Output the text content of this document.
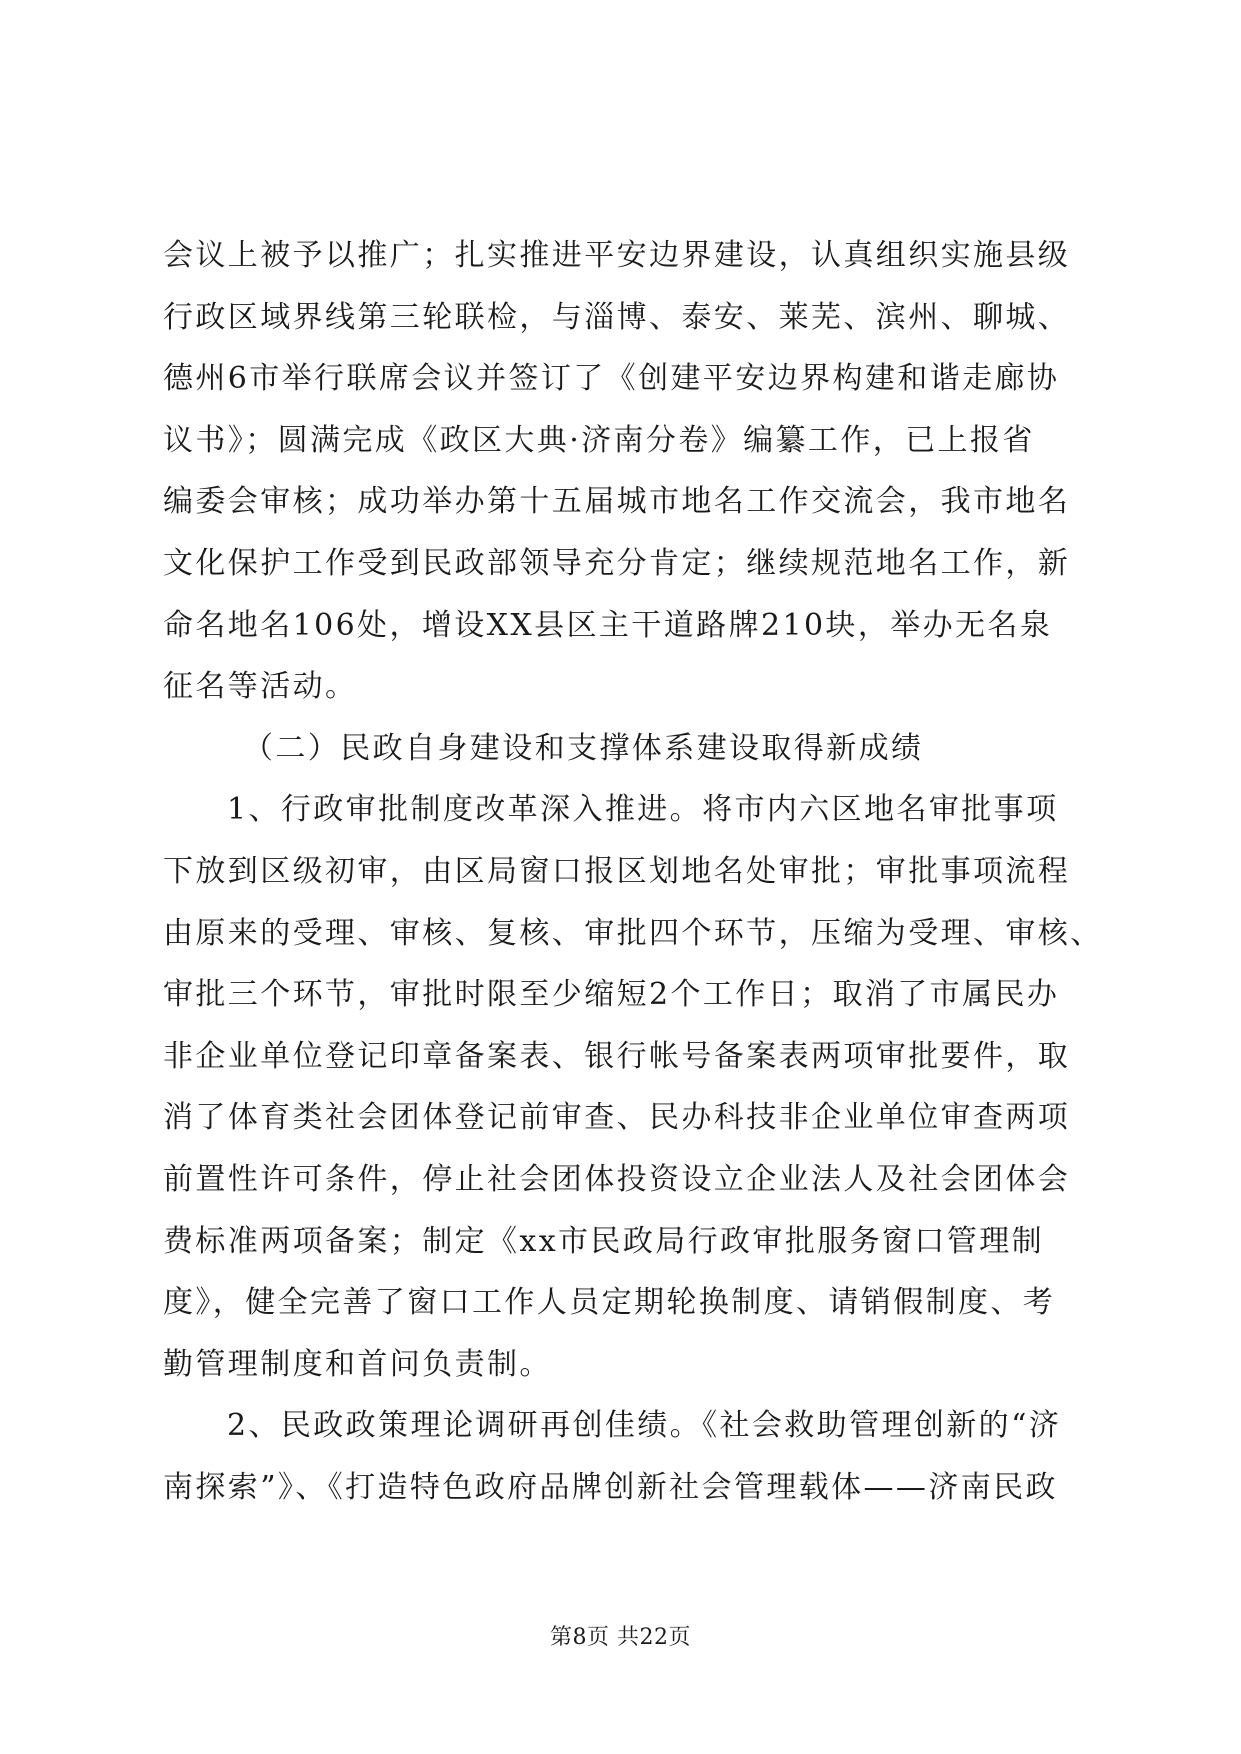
会议上被予以推广；扎实推进平安边界建设，认真组织实施县级
行政区域界线第三轮联检，与淄博、泰安、莱芜、滨州、聊城、
德州6市举行联席会议并签订了《创建平安边界构建和谐走廊协
议书》；圆满完成《政区大典·济南分卷》编纂工作，已上报省
编委会审核；成功举办第十五届城市地名工作交流会，我市地名
文化保护工作受到民政部领导充分肯定；继续规范地名工作，新
命名地名106处，增设XX县区主干道路牌210块，举办无名泉
征名等活动。
（二）民政自身建设和支撑体系建设取得新成绩
1、行政审批制度改革深入推进。将市内六区地名审批事项
下放到区级初审，由区局窗口报区划地名处审批；审批事项流程
由原来的受理、审核、复核、审批四个环节，压缩为受理、审核、
审批三个环节，审批时限至少缩短2个工作日；取消了市属民办
非企业单位登记印章备案表、银行帐号备案表两项审批要件，取
消了体育类社会团体登记前审查、民办科技非企业单位审查两项
前置性许可条件，停止社会团体投资设立企业法人及社会团体会
费标准两项备案；制定《xx市民政局行政审批服务窗口管理制
度》，健全完善了窗口工作人员定期轮换制度、请销假制度、考
勤管理制度和首问负责制。
2、民政政策理论调研再创佳绩。《社会救助管理创新的“济
南探索”》、《打造特色政府品牌创新社会管理载体——济南民政
第8页 共22页
